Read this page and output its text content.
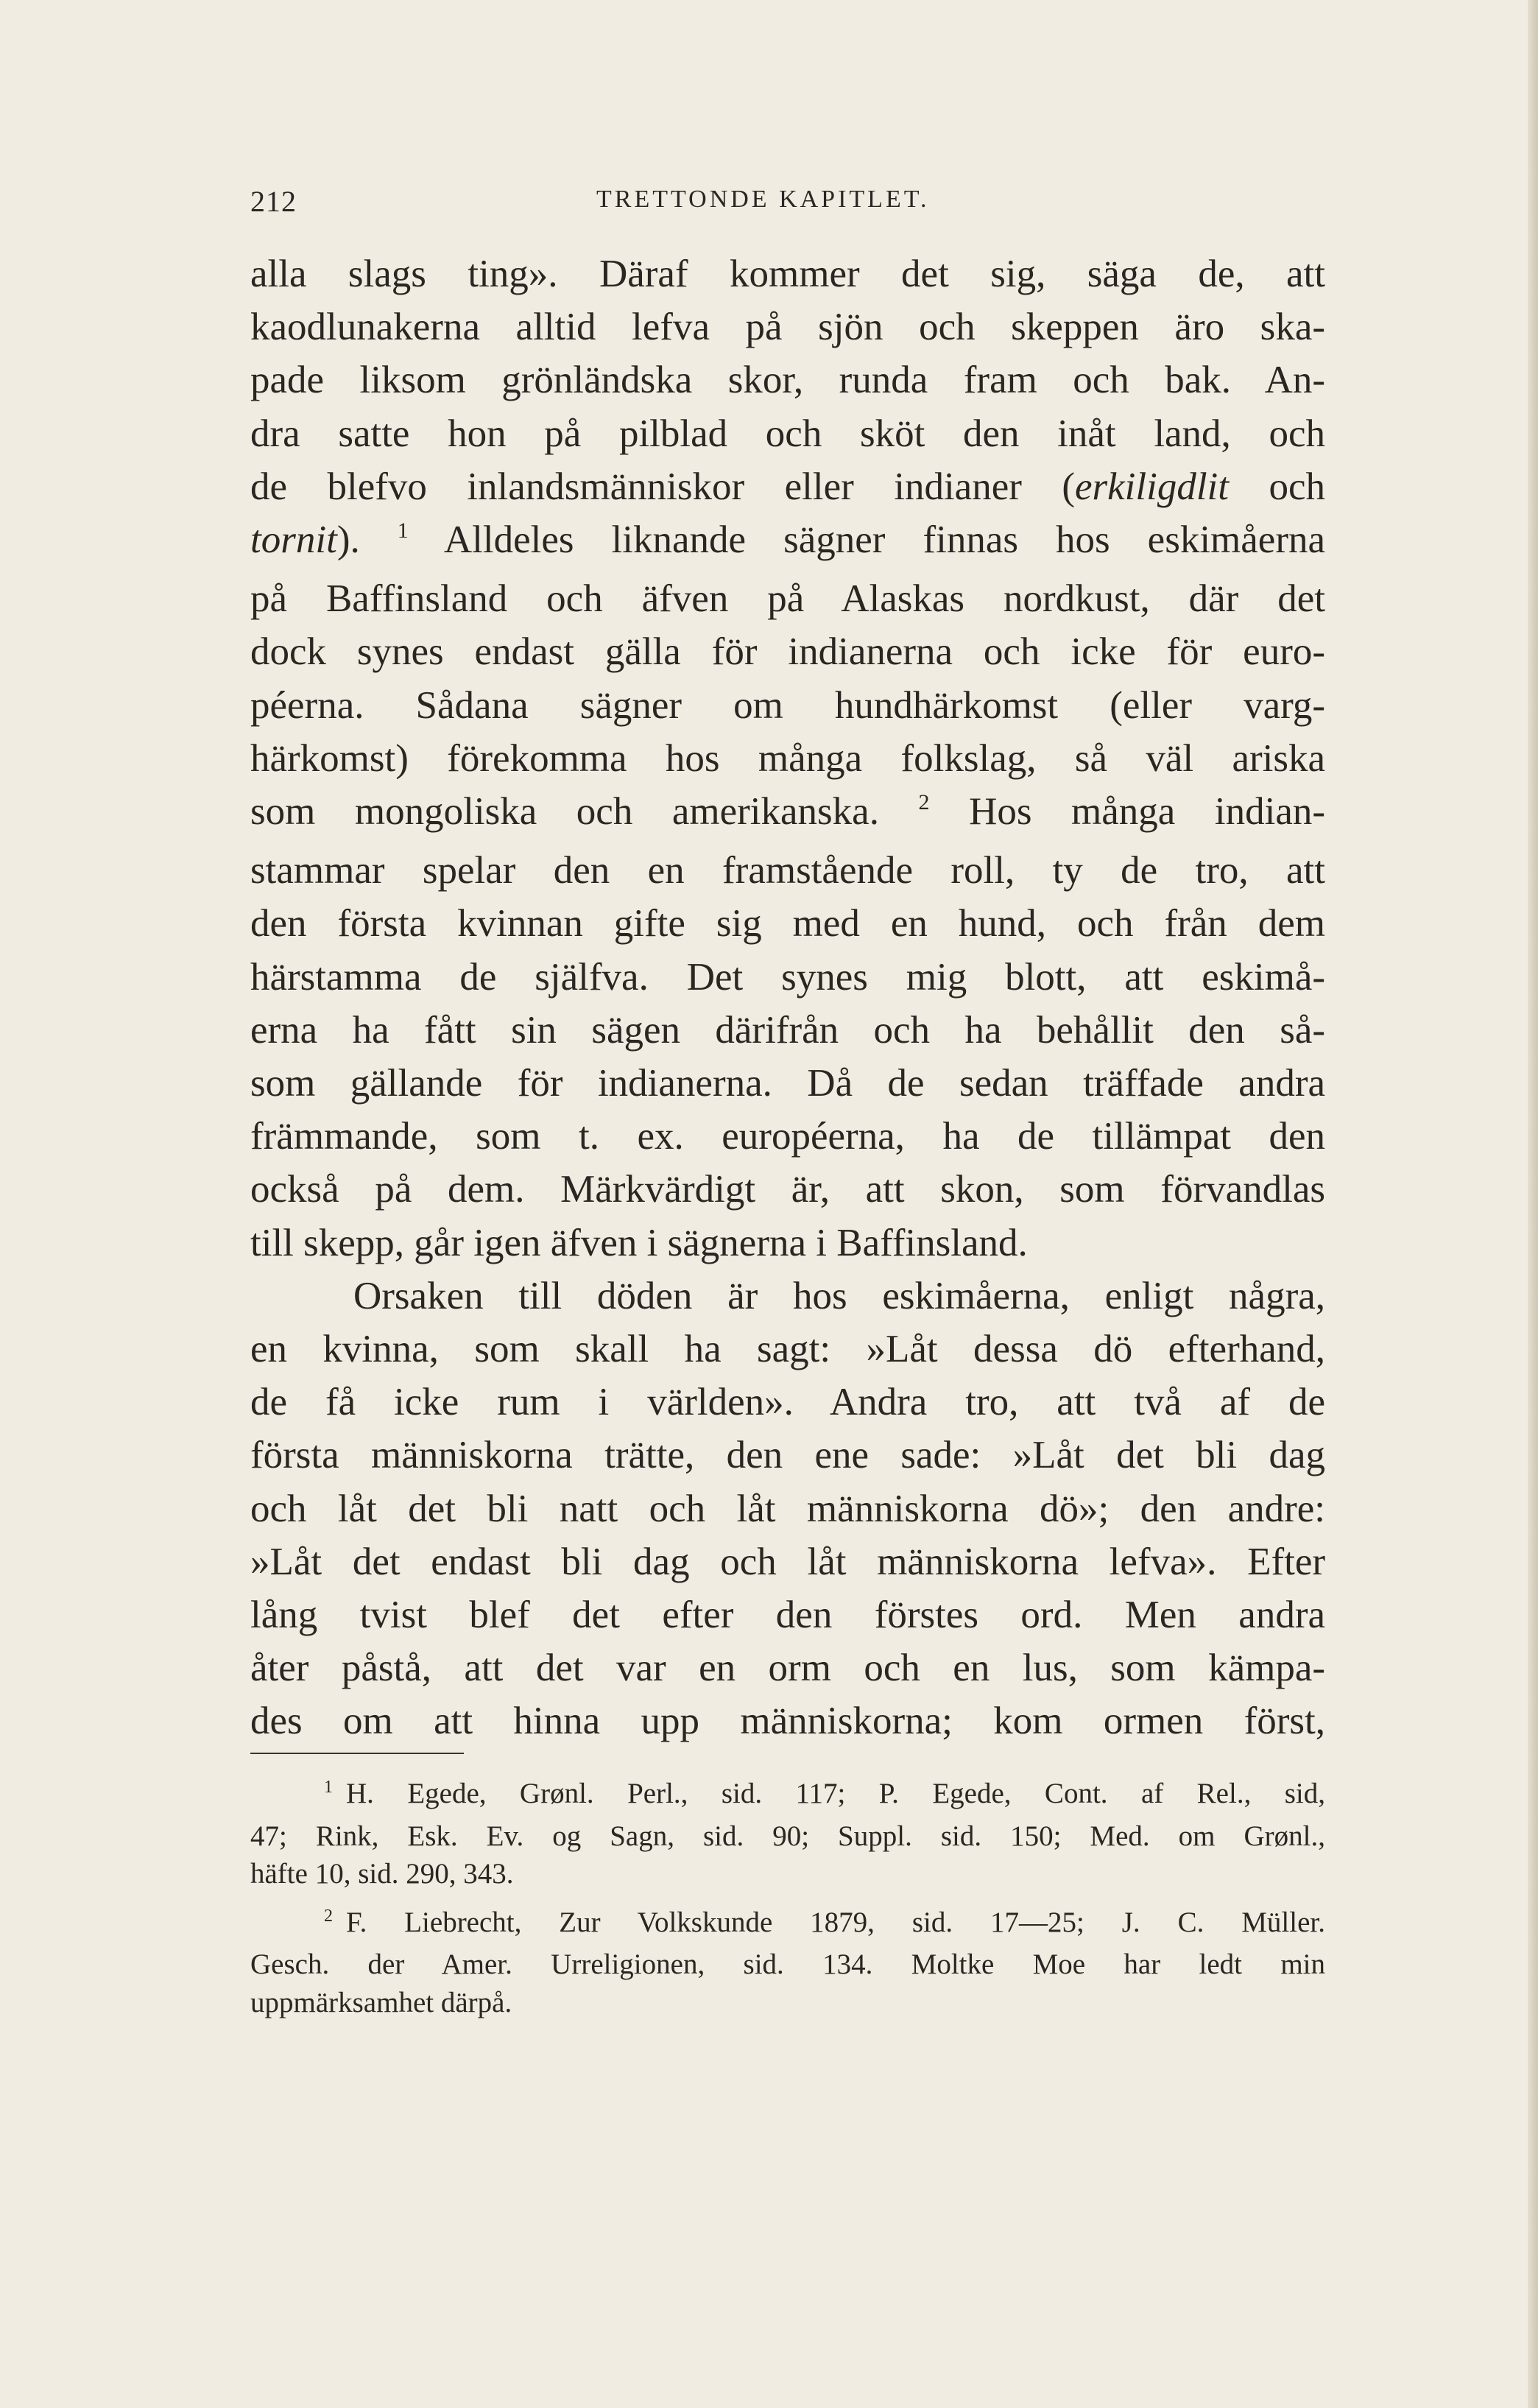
212	TRETTONDE KAPITLET.
alla slags ting». Däraf kommer det sig, säga de, att
kaodlunakerna alltid lefva på sjön och skeppen äro ska-
pade liksom grönländska skor, runda fram och bak. An-
dra satte hon på pilblad och sköt den inåt land, och
de blefvo inlandsmänniskor eller indianer (erkiligdlit och
tornit). $^1$ Alldeles liknande sägner finnas hos eskimåerna
på Baffinsland och äfven på Alaskas nordkust, där det
dock synes endast gälla för indianerna och icke för euro-
péerna. Sådana sägner om hundhärkomst (eller varg-
härkomst) förekomma hos många folkslag, så väl ariska
som mongoliska och amerikanska. $^2$ Hos många indian-
stammar spelar den en framstående roll, ty de tro, att
den första kvinnan gifte sig med en hund, och från dem
härstamma de själfva. Det synes mig blott, att eskimå-
erna ha fått sin sägen därifrån och ha behållit den så-
som gällande för indianerna. Då de sedan träffade andra
främmande, som t. ex. européerna, ha de tillämpat den
också på dem. Märkvärdigt är, att skon, som förvandlas
till skepp, går igen äfven i sägnerna i Baffinsland.
Orsaken till döden är hos eskimåerna, enligt några,
en kvinna, som skall ha sagt: »Låt dessa dö efterhand,
de få icke rum i världen». Andra tro, att två af de
första människorna trätte, den ene sade: »Låt det bli dag
och låt det bli natt och låt människorna dö»; den andre:
»Låt det endast bli dag och låt människorna lefva». Efter
lång tvist blef det efter den förstes ord. Men andra
åter påstå, att det var en orm och en lus, som kämpa-
des om att hinna upp människorna; kom ormen först,
$^1$ H. Egede, Grønl. Perl., sid. 117; P. Egede, Cont. af Rel., sid,
47; Rink, Esk. Ev. og Sagn, sid. 90; Suppl. sid. 150; Med. om Grønl.,
häfte 10, sid. 290, 343.
$^2$ F. Liebrecht, Zur Volkskunde 1879, sid. 17—25; J. C. Müller.
Gesch. der Amer. Urreligionen, sid. 134. Moltke Moe har ledt min
uppmärksamhet därpå.
